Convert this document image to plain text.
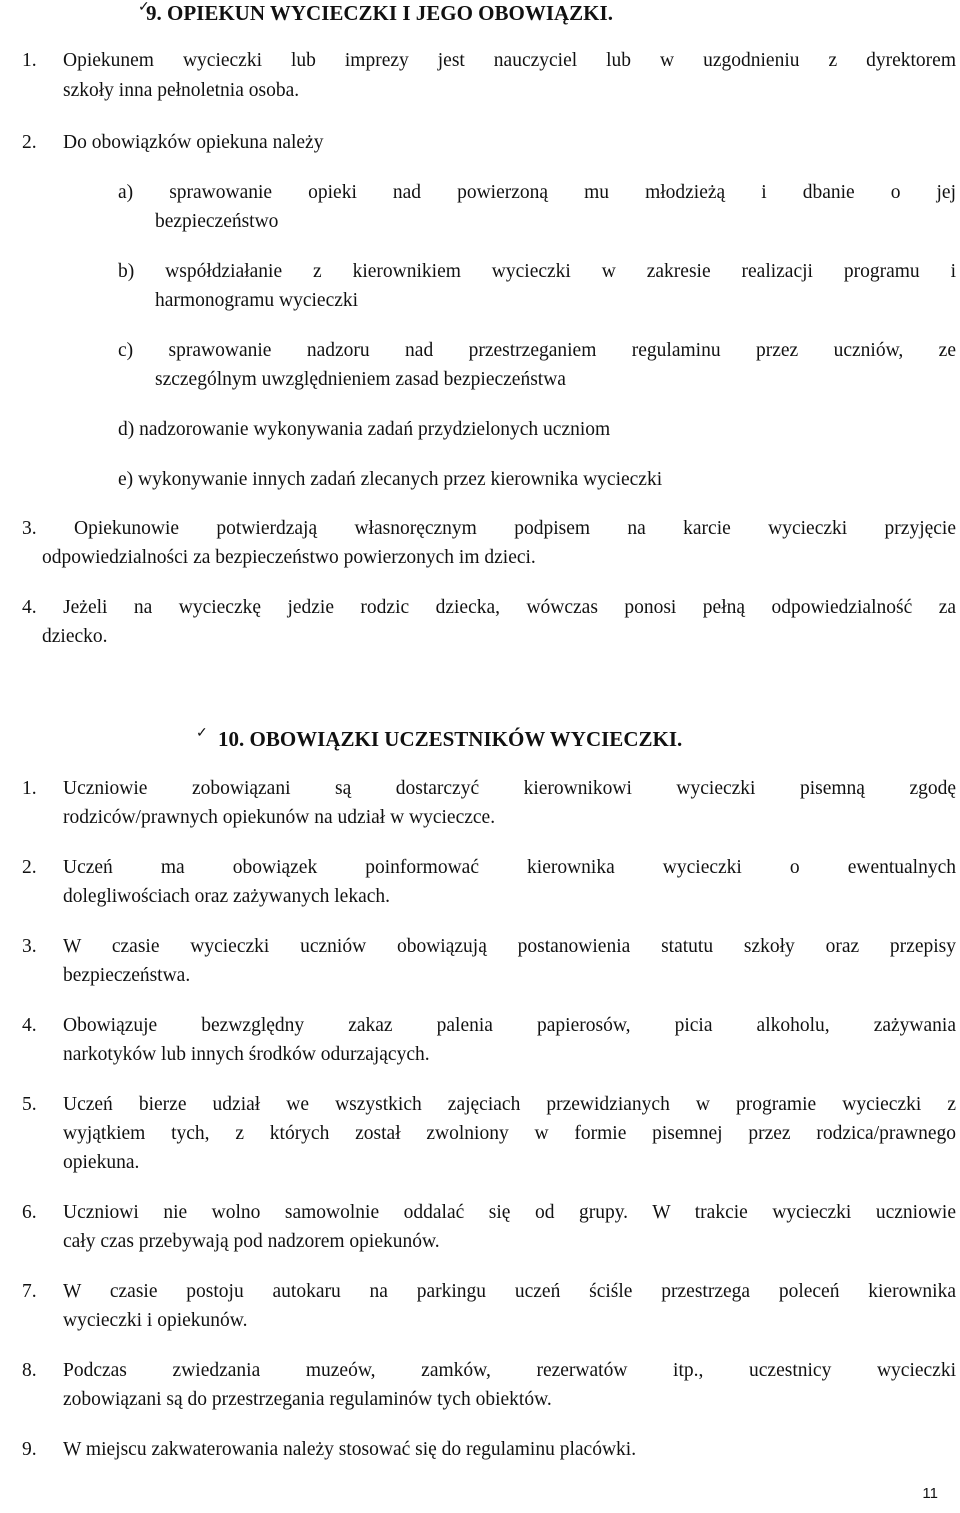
✓
9. OPIEKUN WYCIECZKI I JEGO OBOWIĄZKI.
1. Opiekunem wycieczki lub imprezy jest nauczyciel lub w uzgodnieniu z dyrektorem
szkoły inna pełnoletnia osoba.
2. Do obowiązków opiekuna należy
a) sprawowanie opieki nad powierzoną mu młodzieżą i dbanie o jej
bezpieczeństwo
b) współdziałanie z kierownikiem wycieczki w zakresie realizacji programu i
harmonogramu wycieczki
c) sprawowanie nadzoru nad przestrzeganiem regulaminu przez uczniów, ze
szczególnym uwzględnieniem zasad bezpieczeństwa
d) nadzorowanie wykonywania zadań przydzielonych uczniom
e) wykonywanie innych zadań zlecanych przez kierownika wycieczki
3. Opiekunowie potwierdzają własnoręcznym podpisem na karcie wycieczki przyjęcie
odpowiedzialności za bezpieczeństwo powierzonych im dzieci.
4. Jeżeli na wycieczkę jedzie rodzic dziecka, wówczas ponosi pełną odpowiedzialność za
dziecko.
✓ 10. OBOWIĄZKI UCZESTNIKÓW WYCIECZKI.
1. Uczniowie zobowiązani są dostarczyć kierownikowi wycieczki pisemną zgodę
rodziców/prawnych opiekunów na udział w wycieczce.
2. Uczeń ma obowiązek poinformować kierownika wycieczki o ewentualnych
dolegliwościach oraz zażywanych lekach.
3. W czasie wycieczki uczniów obowiązują postanowienia statutu szkoły oraz przepisy
bezpieczeństwa.
4. Obowiązuje bezwzględny zakaz palenia papierosów, picia alkoholu, zażywania
narkotyków lub innych środków odurzających.
5. Uczeń bierze udział we wszystkich zajęciach przewidzianych w programie wycieczki z
wyjątkiem tych, z których został zwolniony w formie pisemnej przez rodzica/prawnego
opiekuna.
6. Uczniowi nie wolno samowolnie oddalać się od grupy. W trakcie wycieczki uczniowie
cały czas przebywają pod nadzorem opiekunów.
7. W czasie postoju autokaru na parkingu uczeń ściśle przestrzega poleceń kierownika
wycieczki i opiekunów.
8. Podczas zwiedzania muzeów, zamków, rezerwatów itp., uczestnicy wycieczki
zobowiązani są do przestrzegania regulaminów tych obiektów.
9. W miejscu zakwaterowania należy stosować się do regulaminu placówki.
11
